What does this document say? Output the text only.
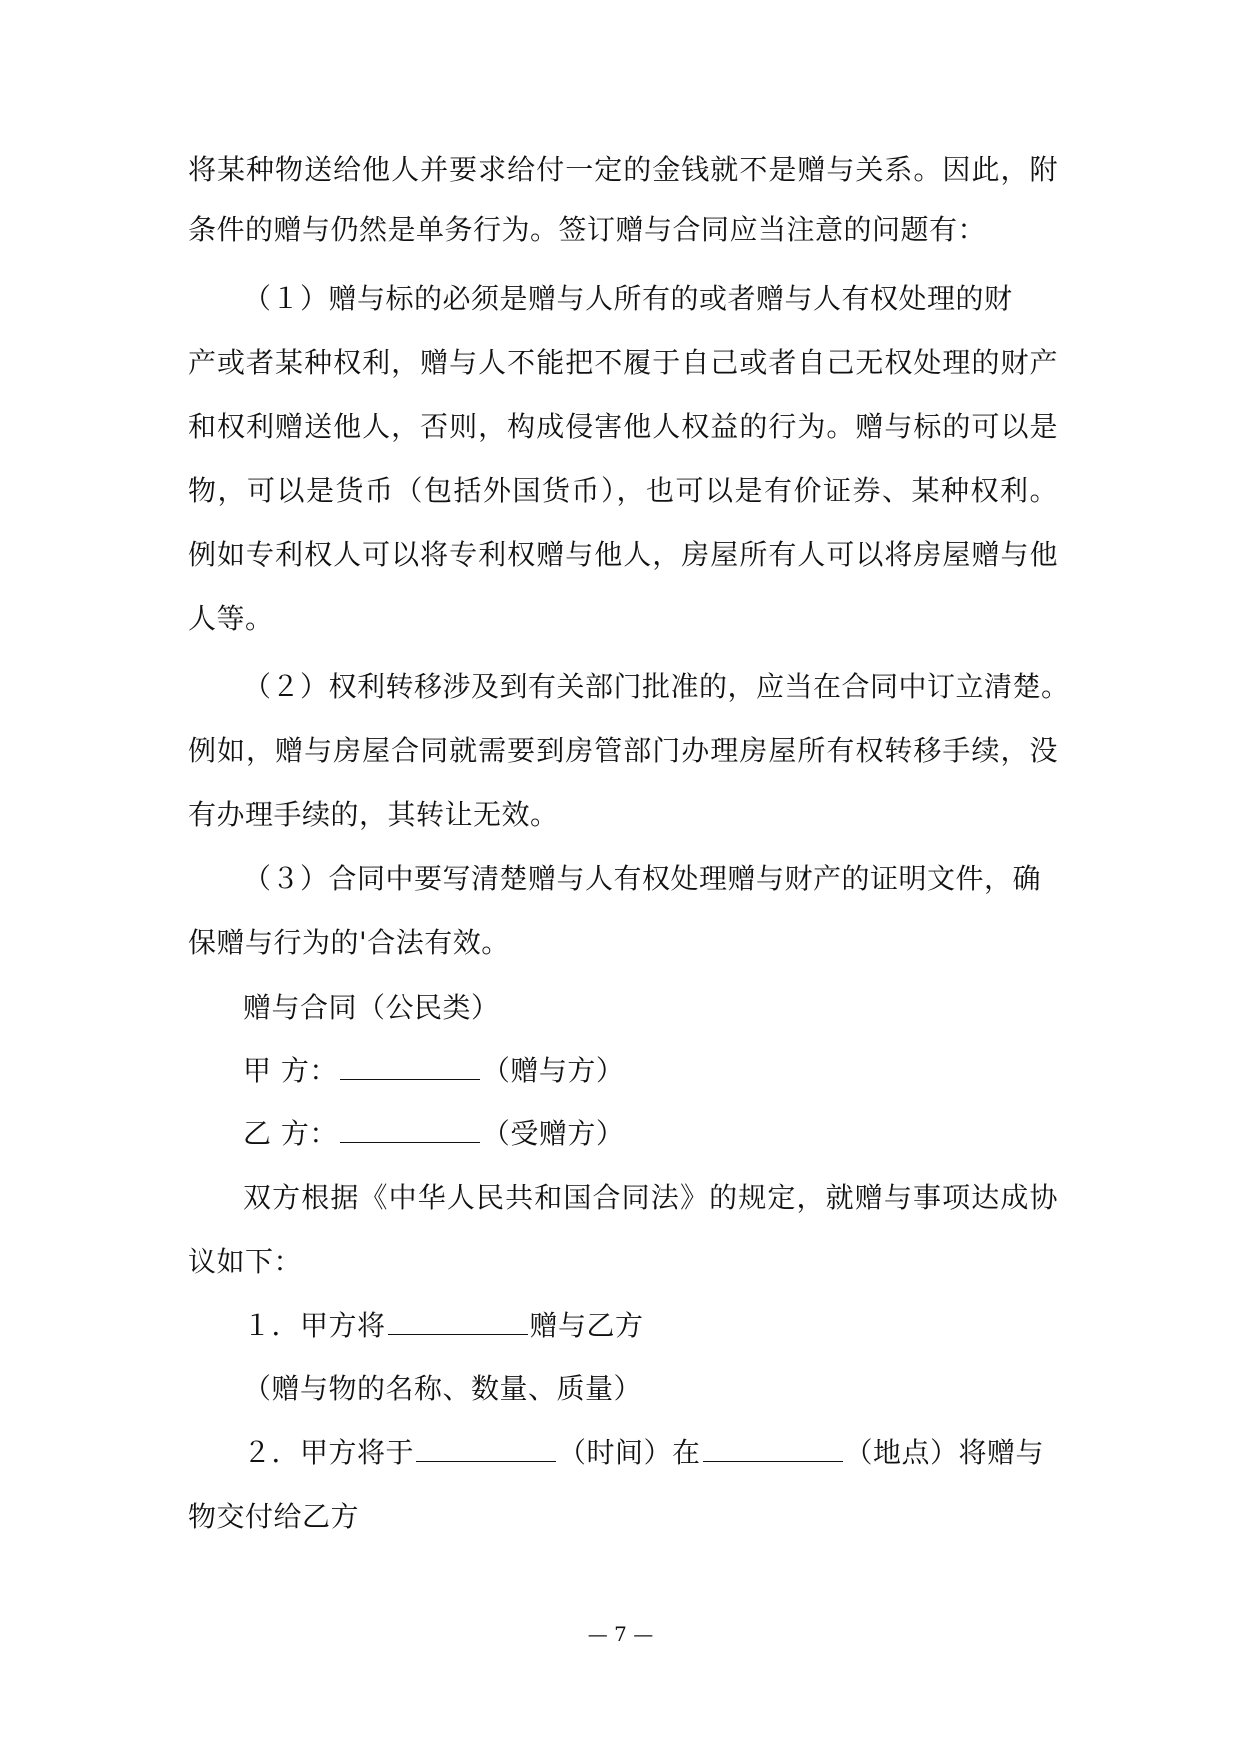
将某种物送给他人并要求给付一定的金钱就不是赠与关系。因此，附
条件的赠与仍然是单务行为。签订赠与合同应当注意的问题有：
（１）赠与标的必须是赠与人所有的或者赠与人有权处理的财
产或者某种权利，赠与人不能把不履于自己或者自己无权处理的财产
和权利赠送他人，否则，构成侵害他人权益的行为。赠与标的可以是
物，可以是货币（包括外国货币），也可以是有价证券、某种权利。
例如专利权人可以将专利权赠与他人，房屋所有人可以将房屋赠与他
人等。
（２）权利转移涉及到有关部门批准的，应当在合同中订立清楚。
例如，赠与房屋合同就需要到房管部门办理房屋所有权转移手续，没
有办理手续的，其转让无效。
（３）合同中要写清楚赠与人有权处理赠与财产的证明文件，确
保赠与行为的'合法有效。
赠与合同（公民类）
甲 方：	（赠与方）
乙 方：	（受赠方）
双方根据《中华人民共和国合同法》的规定，就赠与事项达成协
议如下：
１．甲方将	赠与乙方
（赠与物的名称、数量、质量）
２．甲方将于	（时间）在	（地点）将赠与
物交付给乙方
— 7 —
